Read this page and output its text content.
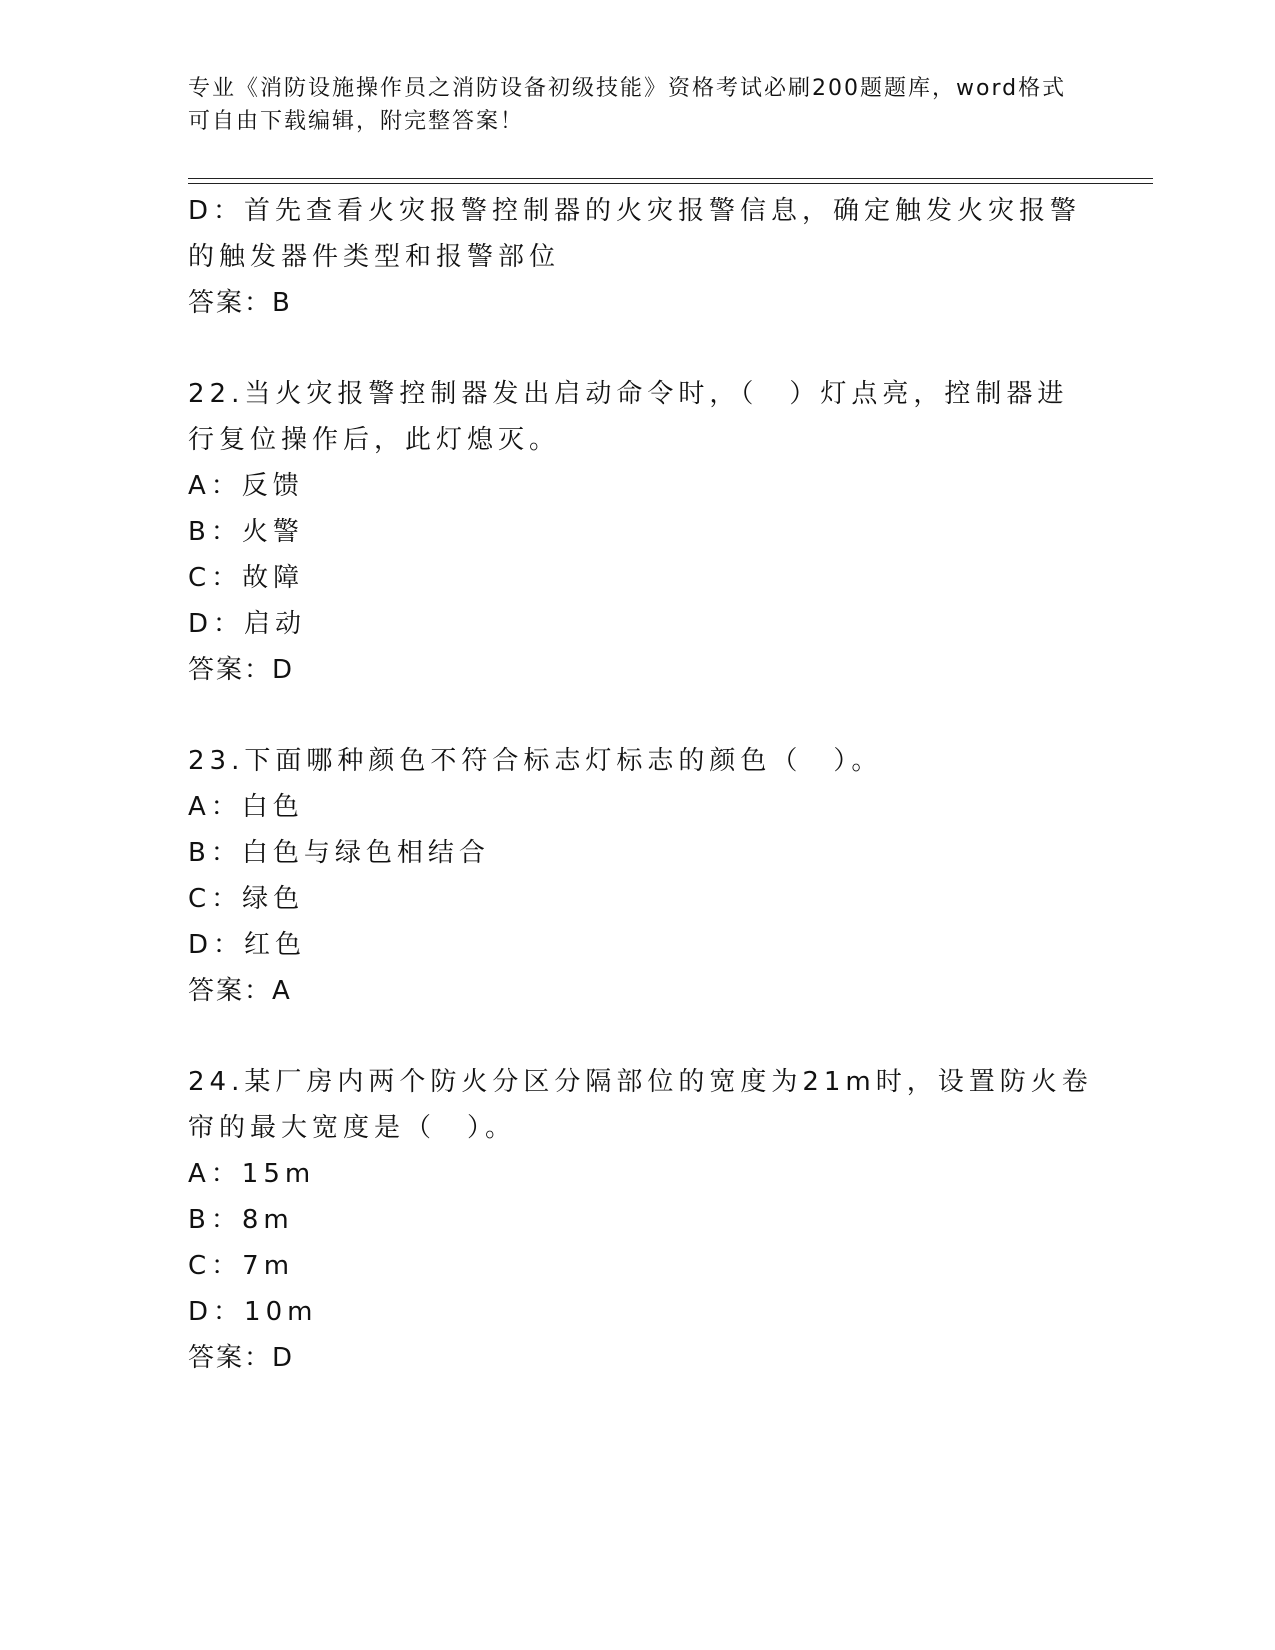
专业《消防设施操作员之消防设备初级技能》资格考试必刷200题题库，word格式可自由下载编辑，附完整答案！
D：首先查看火灾报警控制器的火灾报警信息，确定触发火灾报警的触发器件类型和报警部位
答案：B
22.当火灾报警控制器发出启动命令时，（　）灯点亮，控制器进行复位操作后，此灯熄灭。
A：反馈
B：火警
C：故障
D：启动
答案：D
23.下面哪种颜色不符合标志灯标志的颜色（　）。
A：白色
B：白色与绿色相结合
C：绿色
D：红色
答案：A
24.某厂房内两个防火分区分隔部位的宽度为21m时，设置防火卷帘的最大宽度是（　）。
A：15m
B：8m
C：7m
D：10m
答案：D
